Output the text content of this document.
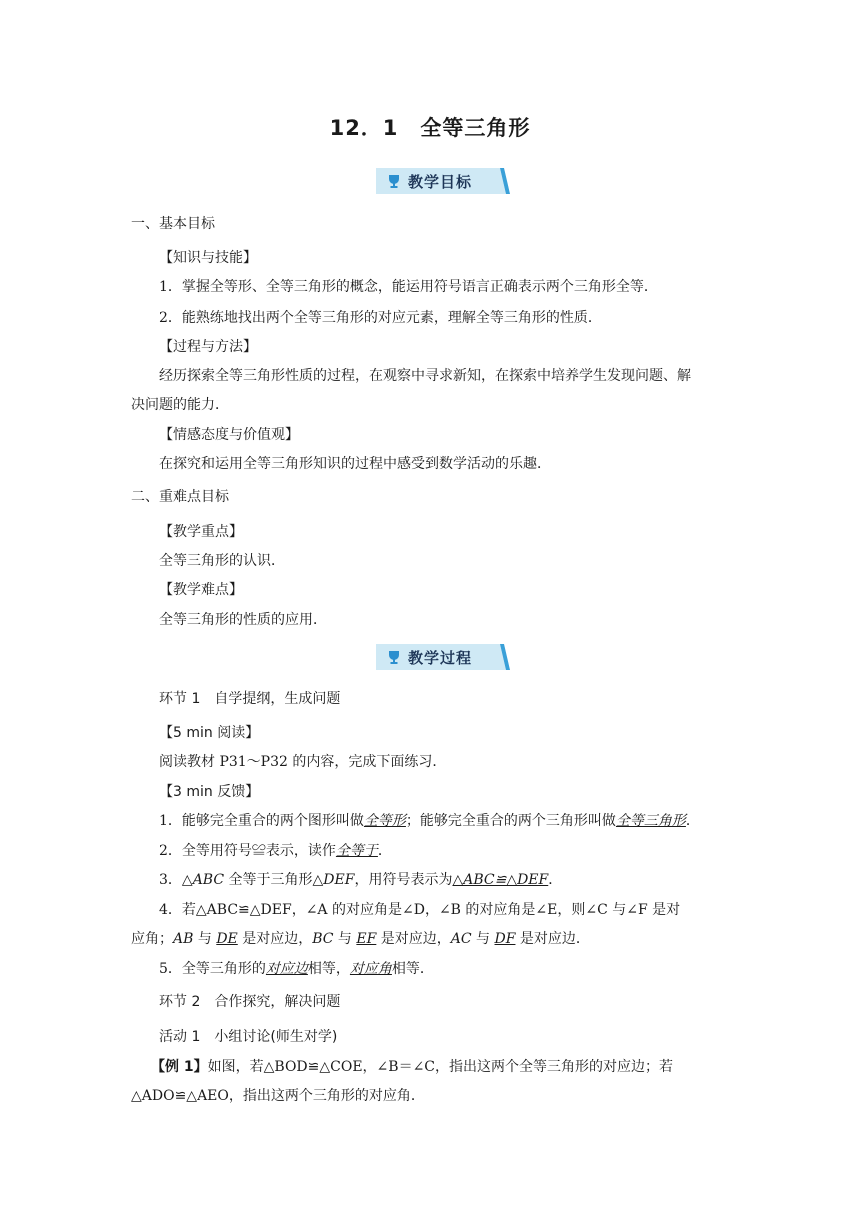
12．1　全等三角形
教学目标
一、基本目标
【知识与技能】
1．掌握全等形、全等三角形的概念，能运用符号语言正确表示两个三角形全等．
2．能熟练地找出两个全等三角形的对应元素，理解全等三角形的性质．
【过程与方法】
经历探索全等三角形性质的过程，在观察中寻求新知，在探索中培养学生发现问题、解
决问题的能力．
【情感态度与价值观】
在探究和运用全等三角形知识的过程中感受到数学活动的乐趣．
二、重难点目标
【教学重点】
全等三角形的认识．
【教学难点】
全等三角形的性质的应用．
教学过程
环节 1　自学提纲，生成问题
【5 min 阅读】
阅读教材 P31～P32 的内容，完成下面练习．
【3 min 反馈】
1．能够完全重合的两个图形叫做全等形；能够完全重合的两个三角形叫做全等三角形．
2．全等用符号≌表示，读作全等于．
3．△ABC 全等于三角形△DEF，用符号表示为△ABC≌△DEF．
4．若△ABC≌△DEF，∠A 的对应角是∠D，∠B 的对应角是∠E，则∠C 与∠F 是对
应角；AB 与 DE 是对应边，BC 与 EF 是对应边，AC 与 DF 是对应边．
5．全等三角形的对应边相等，对应角相等．
环节 2　合作探究，解决问题
活动 1　小组讨论(师生对学)
【例 1】如图，若△BOD≌△COE，∠B＝∠C，指出这两个全等三角形的对应边；若
△ADO≌△AEO，指出这两个三角形的对应角．
